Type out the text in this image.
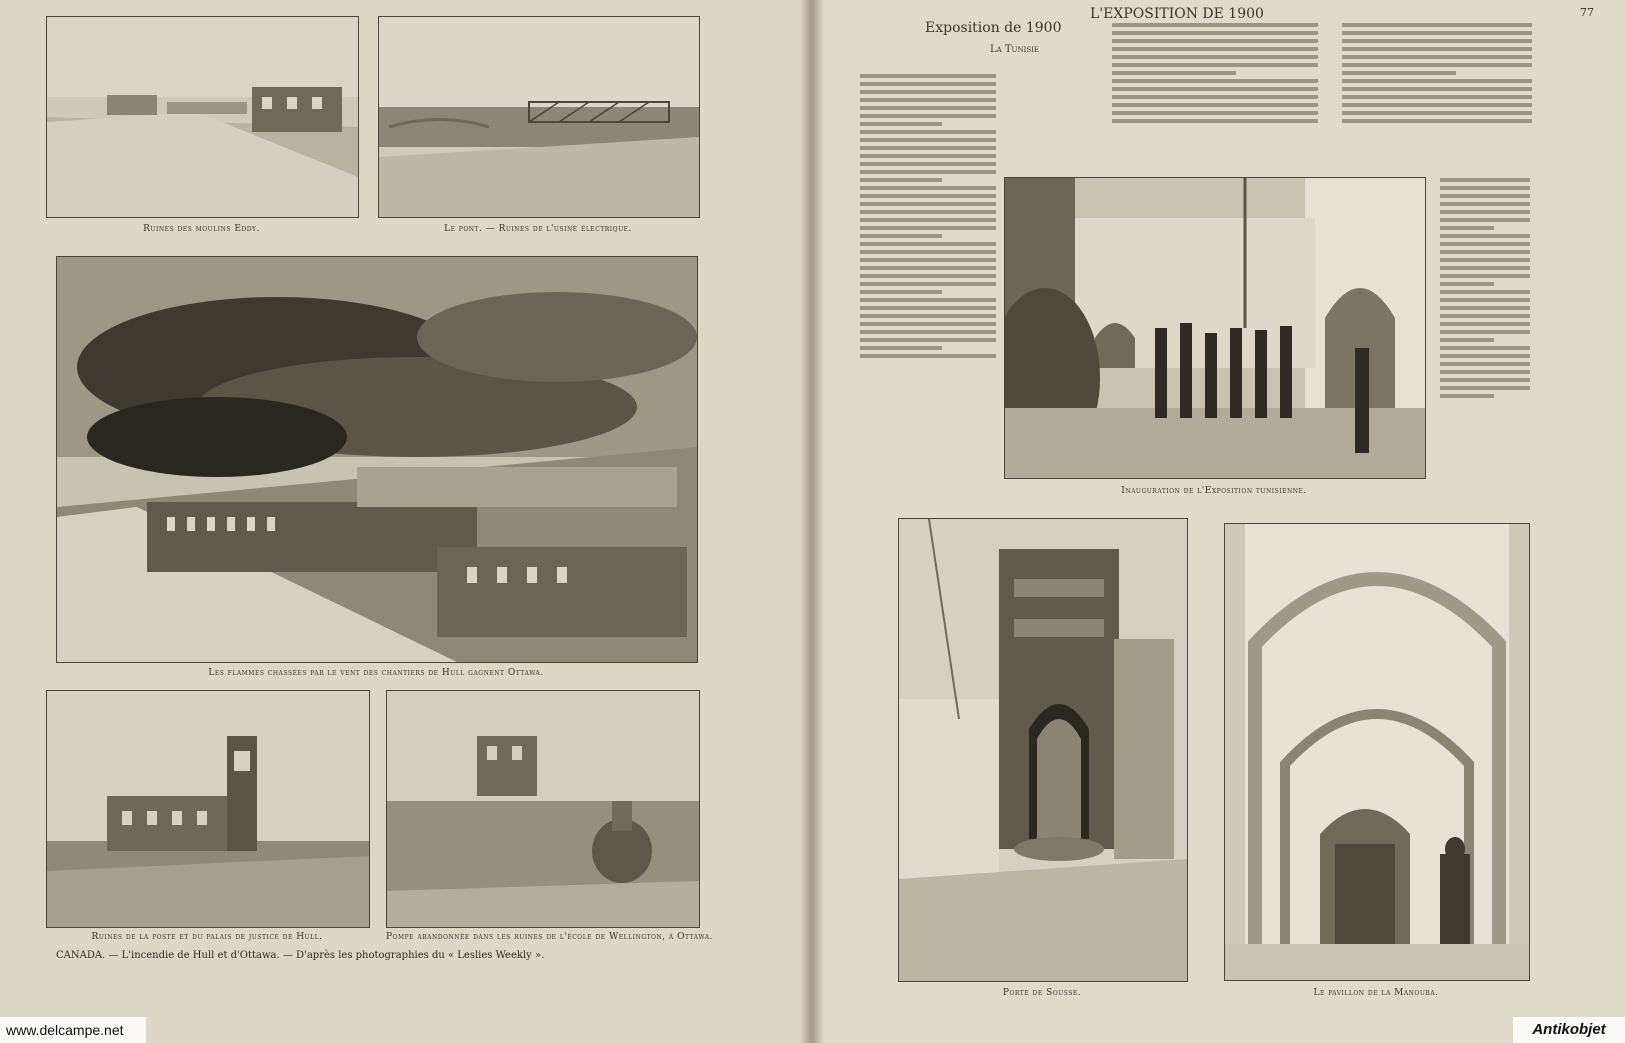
Ruines des moulins Eddy.	Le pont. — Ruines de l'usine électrique.
Les flammes chassées par le vent des chantiers de Hull gagnent Ottawa.
Ruines de la poste et du palais de justice de Hull.	Pompe abandonnée dans les ruines de l'école de Wellington, à Ottawa.
CANADA. — L'incendie de Hull et d'Ottawa. — D'après les photographies du « Leslies Weekly ».
L'EXPOSITION DE 1900	77
Exposition de 1900
La Tunisie

Inauguration de l'Exposition tunisienne.
Porte de Sousse.	Le pavillon de la Manouba.
www.delcampe.net	Antikobjet
